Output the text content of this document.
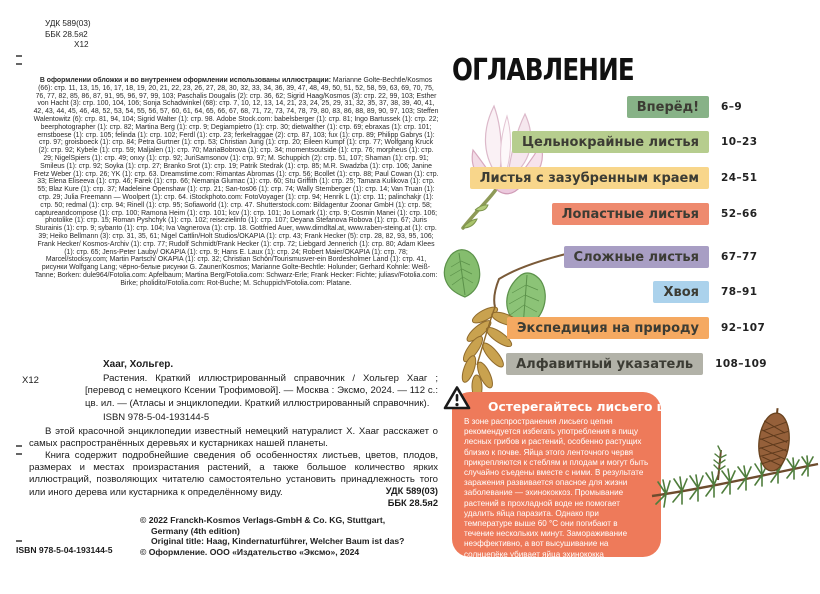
УДК 589(03)
ББК 28.5я2
Х12
В оформлении обложки и во внутреннем оформлении использованы иллюстрации: Marianne Golte-Bechtle/Kosmos (66): стр. 11, 13, 15, 16, 17, 18, 19, 20, 21, 22, 23, 26, 27, 28, 30, 32, 33, 34, 36, 39, 47, 48, 49, 50, 51, 52, 58, 59, 63, 69, 70, 75, 76, 77, 82, 85, 86, 87, 91, 95, 96, 97, 99, 103; Paschalis Dougalis (2): стр. 36, 62; Sigrid Haag/Kosmos (3): стр. 22, 99, 103; Esther von Hacht (3): стр. 100, 104, 106; Sonja Schadwinkel (68): стр. 7, 10, 12, 13, 14, 21, 23, 24, 25, 29, 31, 32, 35, 37, 38, 39, 40, 41, 42, 43, 44, 45, 46, 48, 52, 53, 54, 55, 56, 57, 60, 61, 64, 65, 66, 67, 68, 71, 72, 73, 74, 78, 79, 80, 83, 86, 88, 89, 90, 97, 103; Steffen Walentowitz (6): стр. 81, 94, 104; Sigrid Walter (1): стр. 98. Adobe Stock.com: babelsberger (1): стр. 81; Ingo Bartussek (1): стр. 22; beerphotographer (1): стр. 82; Martina Berg (1): стр. 9; Degiampietro (1): стр. 30; dietwalther (1): стр. 69; ebraxas (1): стр. 101; ernstboese (1): стр. 105; felinda (1): стр. 102; Ferdl (1): стр. 23; ferkelraggae (2): стр. 87, 103; fux (1): стр. 89; Philipp Gabrys (1): стр. 97; groisboeck (1): стр. 84; Petra Gurtner (1): стр. 53; Christian Jung (1): стр. 20; Eileen Kumpf (1): стр. 77; Wolfgang Kruck (2): стр. 92; Kybele (1): стр. 59; Maljalen (1): стр. 70; MariaBobrova (1): стр. 34; momentsoutside (1): стр. 76; morpheus (1): стр. 29; NigelSpiers (1): стр. 49; onxy (1): стр. 92; JuriSamsonov (1): стр. 97; M. Schuppich (2): стр. 51, 107; Shaman (1): стр. 91; Smileus (1): стр. 92; Soyka (1): стр. 27; Branko Srot (1): стр. 19; Patrik Stedrak (1): стр. 85; M.R. Swadzba (1): стр. 106; Janine Fretz Weber (1): стр. 26; YK (1): стр. 63. Dreamstime.com: Rimantas Abromas (1): стр. 56; Bcollet (1): стр. 88; Paul Cowan (1): стр. 33; Elena Eliseeva (1): стр. 46; Farek (1): стр. 66; Nemanja Glumac (1): стр. 60; Stu Griffith (1): стр. 25; Tamara Kulikova (1): стр. 55; Blaz Kure (1): стр. 37; Madeleine Openshaw (1): стр. 21; San-tos06 (1): стр. 74; Wally Stemberger (1): стр. 14; Van Truan (1): стр. 29; Julia Freemann — Woolpert (1): стр. 64. iStockphoto.com: FotoVoyager (1): стр. 94; Henrik L (1): стр. 11; palinchakjr (1): стр. 50; redmal (1): стр. 94; Rinell (1): стр. 95; Sofiaworld (1): стр. 47. Shutterstock.com: Bildagentur Zoonar GmbH (1): стр. 58; captureandcompose (1): стр. 100; Ramona Heim (1): стр. 101; kcv (1): стр. 101; Jo Lomark (1): стр. 9; Cosmin Manei (1): стр. 106; photolike (1): стр. 15; Roman Pyshchyk (1): стр. 102; reisezielinfo (1): стр. 107; Deyana Stefanova Robova (1): стр. 67; Juris Sturainis (1): стр. 9; sybanto (1): стр. 104; Iva Vagnerova (1): стр. 18. Gottfried Auer, www.dirndltal.at, www.raben-steing.at (1): стр. 39; Heiko Bellmann (3): стр. 31, 35, 61; Nigel Cattlin/Holt Studios/OKAPIA (1): стр. 43; Frank Hecker (5): стр. 28, 82, 93, 95, 106; Frank Hecker/ Kosmos-Archiv (1): стр. 77; Rudolf Schmidt/Frank Hecker (1): стр. 72; Liebgard Jennerich (1): стр. 80; Adam Klees (1): стр. 65; Jens-Peter Lauby/ OKAPIA (1): стр. 9; Hans E. Laux (1): стр. 24; Robert Maier/OKAPIA (1): стр. 78; Marcel/stocksy.com; Martin Partsch/ OKAPIA (1): стр. 32; Christian Schön/Tourismusver-ein Bordesholmer Land (1): стр. 41, рисунки Wolfgang Lang; чёрно-белые рисунки G. Zauner/Kosmos; Marianne Golte-Bechtle: Holunder; Gerhard Kohnle: Weiß-Tanne; Borken: dule964/Fotolia.com: Apfelbaum; Martina Berg/Fotolia.com: Schwarz-Erle; Frank Hecker: Fichte; juliasv/Fotolia.com: Birke; pholidito/Fotolia.com: Rot-Buche; M. Schuppich/Fotolia.com: Platane.
Хааг, Хольгер.
Х12	Растения. Краткий иллюстрированный справочник / Хольгер Хааг ; [перевод с немецкого Ксении Трофимовой]. — Москва : Эксмо, 2024. — 112 с.: цв. ил. — (Атласы и энциклопедии. Краткий иллюстрированный справочник).
ISBN 978-5-04-193144-5
В этой красочной энциклопедии известный немецкий натуралист Х. Хааг расскажет о самых распространённых деревьях и кустарниках нашей планеты.
Книга содержит подробнейшие сведения об особенностях листьев, цветов, плодов, размерах и местах произрастания растений, а также большое количество ярких иллюстраций, позволяющих читателю самостоятельно установить принадлежность того или иного дерева или кустарника к определённому виду.	УДК 589(03)
ББК 28.5я2
© 2022 Franckh-Kosmos Verlags-GmbH & Co. KG, Stuttgart,
Germany (4th edition)
Original title: Haag, Kindernaturführer, Welcher Baum ist das?
© Оформление. ООО «Издательство «Эксмо», 2024
ISBN 978-5-04-193144-5
ОГЛАВЛЕНИЕ
Вперёд!	6–9
Цельнокрайные листья	10–23
Листья с зазубренным краем	24–51
Лопастные листья	52–66
Сложные листья	67–77
Хвоя	78–91
Экспедиция на природу	92–107
Алфавитный указатель	108–109
Остерегайтесь лисьего цепня!
В зоне распространения лисьего цепня рекомендуется избегать употребления в пищу лесных грибов и растений, особенно растущих близко к почве. Яйца этого ленточного червя прикрепляются к стеблям и плодам и могут быть случайно съедены вместе с ними. В результате заражения развивается опасное для жизни заболевание — эхинококкоз. Промывание растений в прохладной воде не помогает удалить яйца паразита. Однако при температуре выше 60 °C они погибают в течение нескольких минут. Замораживание неэффективно, а вот высушивание на солнцепёке убивает яйца эхинококка приблизительно за неделю.
